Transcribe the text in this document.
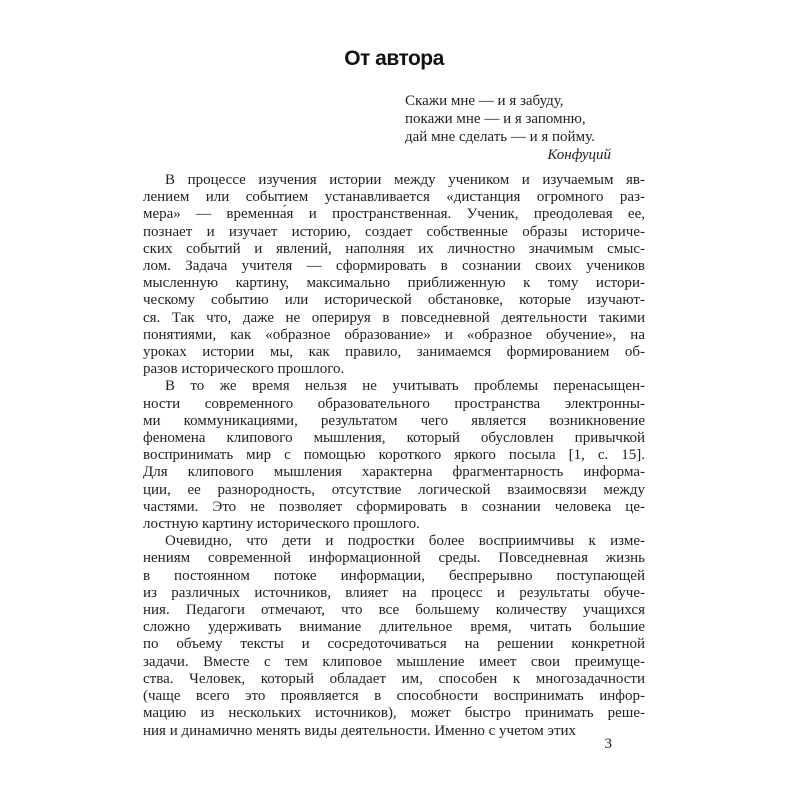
От автора
Скажи мне — и я забуду,
покажи мне — и я запомню,
дай мне сделать — и я пойму.
Конфуций
В процессе изучения истории между учеником и изучаемым яв-
лением или событием устанавливается «дистанция огромного раз-
мера» — временна́я и пространственная. Ученик, преодолевая ее,
познает и изучает историю, создает собственные образы историче-
ских событий и явлений, наполняя их личностно значимым смыс-
лом. Задача учителя — сформировать в сознании своих учеников
мысленную картину, максимально приближенную к тому истори-
ческому событию или исторической обстановке, которые изучают-
ся. Так что, даже не оперируя в повседневной деятельности такими
понятиями, как «образное образование» и «образное обучение», на
уроках истории мы, как правило, занимаемся формированием об-
разов исторического прошлого.
В то же время нельзя не учитывать проблемы перенасыщен-
ности современного образовательного пространства электронны-
ми коммуникациями, результатом чего является возникновение
феномена клипового мышления, который обусловлен привычкой
воспринимать мир с помощью короткого яркого посыла [1, с. 15].
Для клипового мышления характерна фрагментарность информа-
ции, ее разнородность, отсутствие логической взаимосвязи между
частями. Это не позволяет сформировать в сознании человека це-
лостную картину исторического прошлого.
Очевидно, что дети и подростки более восприимчивы к изме-
нениям современной информационной среды. Повседневная жизнь
в постоянном потоке информации, беспрерывно поступающей
из различных источников, влияет на процесс и результаты обуче-
ния. Педагоги отмечают, что все большему количеству учащихся
сложно удерживать внимание длительное время, читать большие
по объему тексты и сосредоточиваться на решении конкретной
задачи. Вместе с тем клиповое мышление имеет свои преимуще-
ства. Человек, который обладает им, способен к многозадачности
(чаще всего это проявляется в способности воспринимать инфор-
мацию из нескольких источников), может быстро принимать реше-
ния и динамично менять виды деятельности. Именно с учетом этих
3
